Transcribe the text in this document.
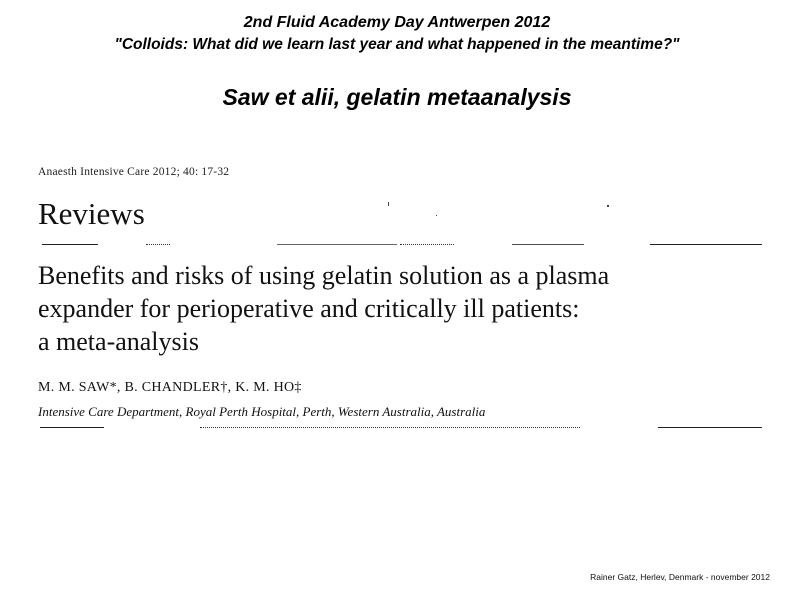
2nd Fluid Academy Day Antwerpen 2012
"Colloids: What did we learn last year and what happened in the meantime?"
Saw et alii, gelatin metaanalysis
Anaesth Intensive Care 2012; 40: 17-32
Reviews
Benefits and risks of using gelatin solution as a plasma
expander for perioperative and critically ill patients:
a meta-analysis
M. M. SAW*, B. CHANDLER†, K. M. HO‡
Intensive Care Department, Royal Perth Hospital, Perth, Western Australia, Australia
Rainer Gatz, Herlev, Denmark - november 2012
